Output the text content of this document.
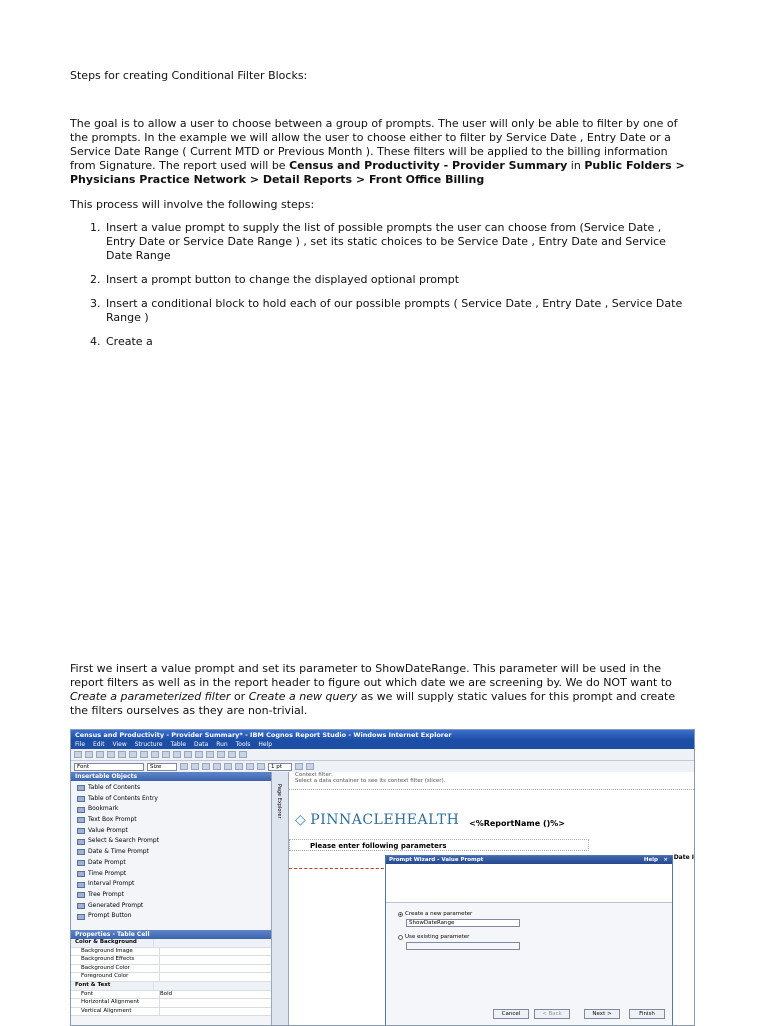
Steps for creating Conditional Filter Blocks:

The goal is to allow a user to choose between a group of prompts. The user will only be able to filter by one of the prompts. In the example we will allow the user to choose either to filter by Service Date , Entry Date or a Service Date Range ( Current MTD or Previous Month ). These filters will be applied to the billing information from Signature. The report used will be Census and Productivity - Provider Summary in Public Folders > Physicians Practice Network > Detail Reports > Front Office Billing

This process will involve the following steps:

1. Insert a value prompt to supply the list of possible prompts the user can choose from (Service Date , Entry Date or Service Date Range ) , set its static choices to be Service Date , Entry Date and Service Date Range
2. Insert a prompt button to change the displayed optional prompt
3. Insert a conditional block to hold each of our possible prompts ( Service Date , Entry Date , Service Date Range )
4. Create a

First we insert a value prompt and set its parameter to ShowDateRange. This parameter will be used in the report filters as well as in the report header to figure out which date we are screening by. We do NOT want to Create a parameterized filter or Create a new query as we will supply static values for this prompt and create the filters ourselves as they are non-trivial.

Census and Productivity - Provider Summary* - IBM Cognos Report Studio - Windows Internet Explorer
File Edit View Structure Table Data Run Tools Help
Font	Size	1 pt
Insertable Objects
Table of Contents
Table of Contents Entry
Bookmark
Text Box Prompt
Value Prompt
Select & Search Prompt
Date & Time Prompt
Date Prompt
Time Prompt
Interval Prompt
Tree Prompt
Generated Prompt
Prompt Button
Properties - Table Cell
Color & Background
Background Image
Background Effects
Background Color
Foreground Color
Font & Text
Font	Bold
Horizontal Alignment
Vertical Alignment
Page Explorer
Context filter:
Select a data container to see its context filter (slicer).
◇ PINNACLEHEALTH <%ReportName ()%>
Please enter following parameters
Date I
Prompt Wizard - Value Prompt	Help ×
Create a new parameter
ShowDateRange
Use existing parameter
Cancel	< Back	Next >	Finish
